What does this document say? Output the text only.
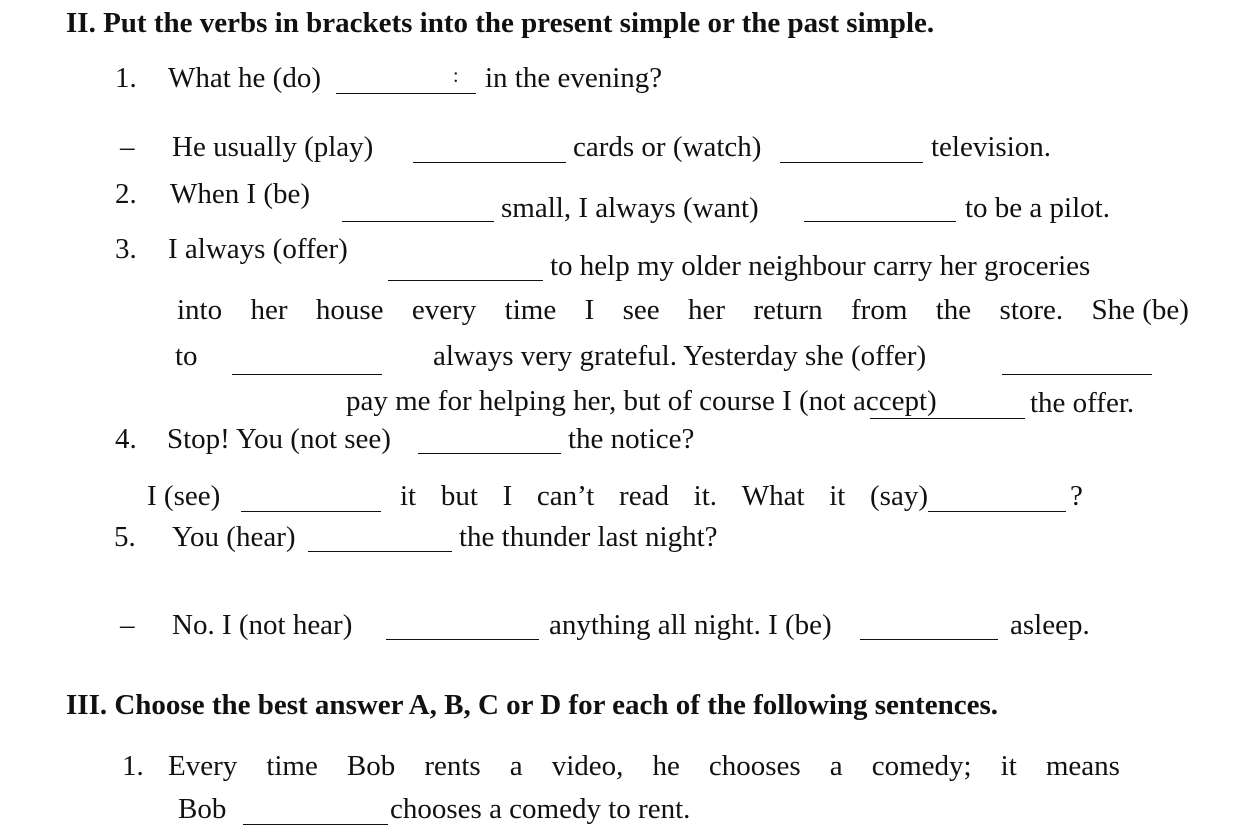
II. Put the verbs in brackets into the present simple or the past simple.
1. What he (do)	: in the evening?
– He usually (play)	cards or (watch)	television.
2. When I (be)	small, I always (want)	to be a pilot.
3. I always (offer)
to help my older neighbour carry her groceries
into her house every time I see her return from the store. She (be)
to	always very grateful. Yesterday she (offer)
pay me for helping her, but of course I (not accept)	the offer.
4. Stop! You (not see)	the notice?
I (see)	it but I can’t read it. What it (say)	?
5. You (hear)	the thunder last night?
– No. I (not hear)	anything all night. I (be)	asleep.
III. Choose the best answer A, B, C or D for each of the following sentences.
1. Every time Bob rents a video, he chooses a comedy; it means
Bob	chooses a comedy to rent.
